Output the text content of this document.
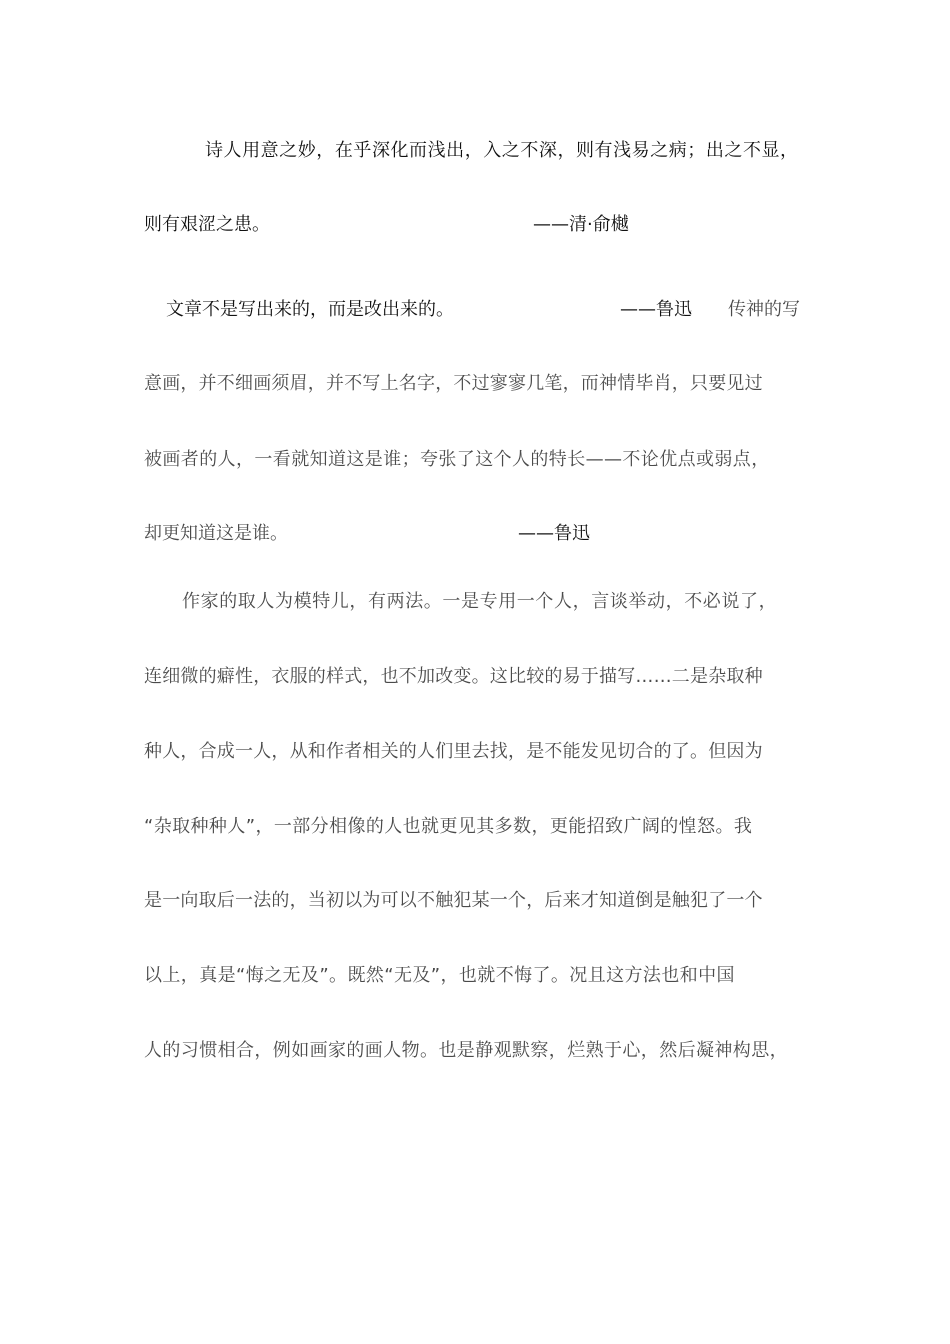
诗人用意之妙，在乎深化而浅出，入之不深，则有浅易之病；出之不显，
则有艰涩之患。	——清·俞樾
文章不是写出来的，而是改出来的。	——鲁迅 传神的写
意画，并不细画须眉，并不写上名字，不过寥寥几笔，而神情毕肖，只要见过
被画者的人，一看就知道这是谁；夸张了这个人的特长——不论优点或弱点，
却更知道这是谁。	——鲁迅
作家的取人为模特儿，有两法。一是专用一个人，言谈举动，不必说了，
连细微的癖性，衣服的样式，也不加改变。这比较的易于描写……二是杂取种
种人，合成一人，从和作者相关的人们里去找，是不能发见切合的了。但因为
“杂取种种人”，一部分相像的人也就更见其多数，更能招致广阔的惶怒。我
是一向取后一法的，当初以为可以不触犯某一个，后来才知道倒是触犯了一个
以上，真是“悔之无及”。既然“无及”，也就不悔了。况且这方法也和中国
人的习惯相合，例如画家的画人物。也是静观默察，烂熟于心，然后凝神构思，
